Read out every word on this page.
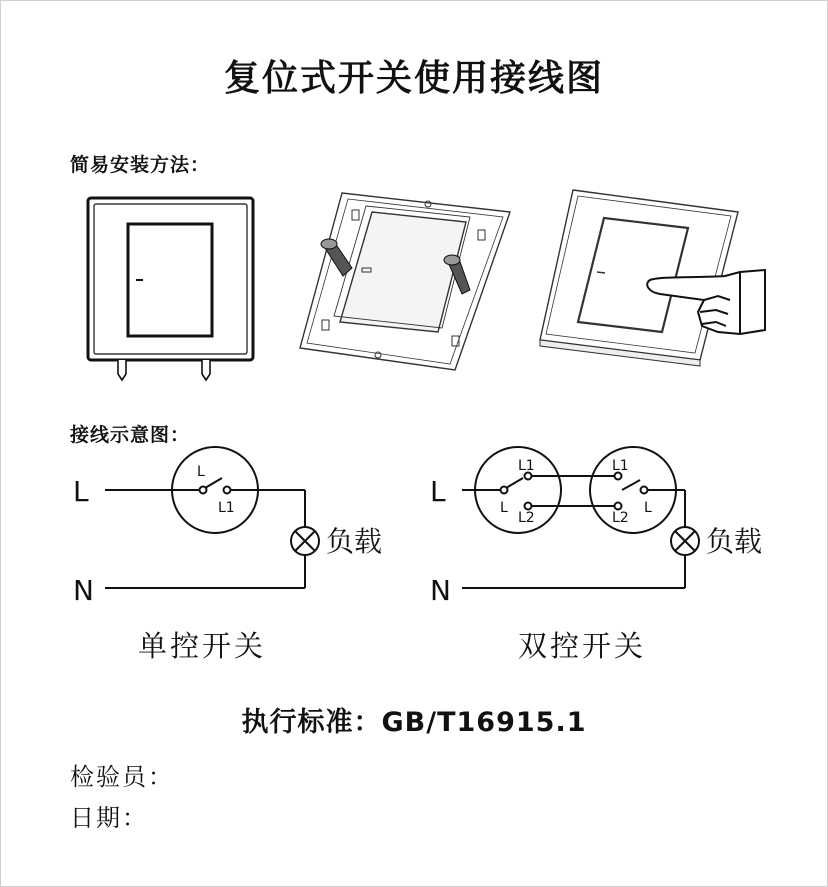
复位式开关使用接线图
简易安装方法：
接线示意图：
L
N
L
L1
负载
L
N
L1
L
L2
L1
L2
L
负载
单控开关	双控开关
执行标准：GB/T16915.1
检验员：
日期：
